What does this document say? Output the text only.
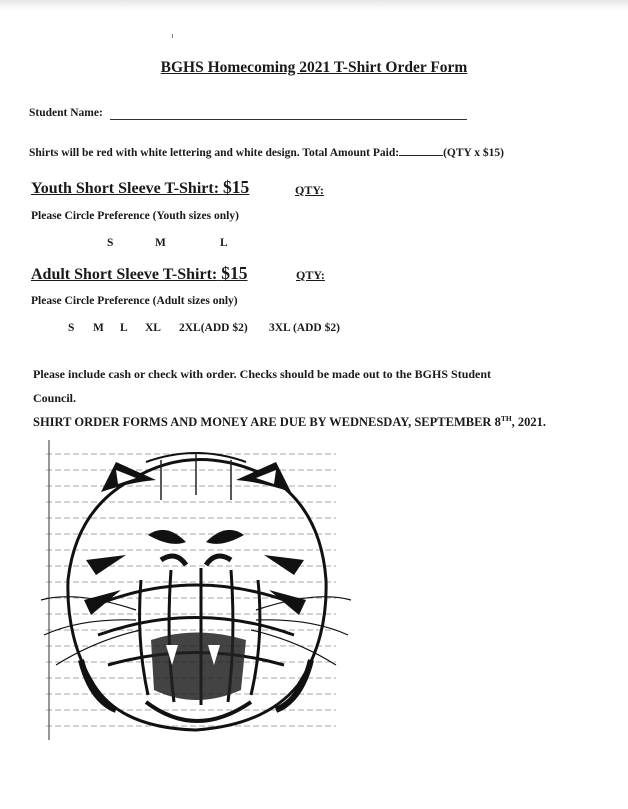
BGHS Homecoming 2021 T-Shirt Order Form
Student Name:
Shirts will be red with white lettering and white design. Total Amount Paid:	(QTY x $15)
Youth Short Sleeve T-Shirt: $15	QTY:
Please Circle Preference (Youth sizes only)
S	M	L
Adult Short Sleeve T-Shirt: $15	QTY:
Please Circle Preference (Adult sizes only)
S M L XL 2XL(ADD $2) 3XL (ADD $2)
Please include cash or check with order. Checks should be made out to the BGHS Student
Council.
SHIRT ORDER FORMS AND MONEY ARE DUE BY WEDNESDAY, SEPTEMBER 8TH, 2021.
